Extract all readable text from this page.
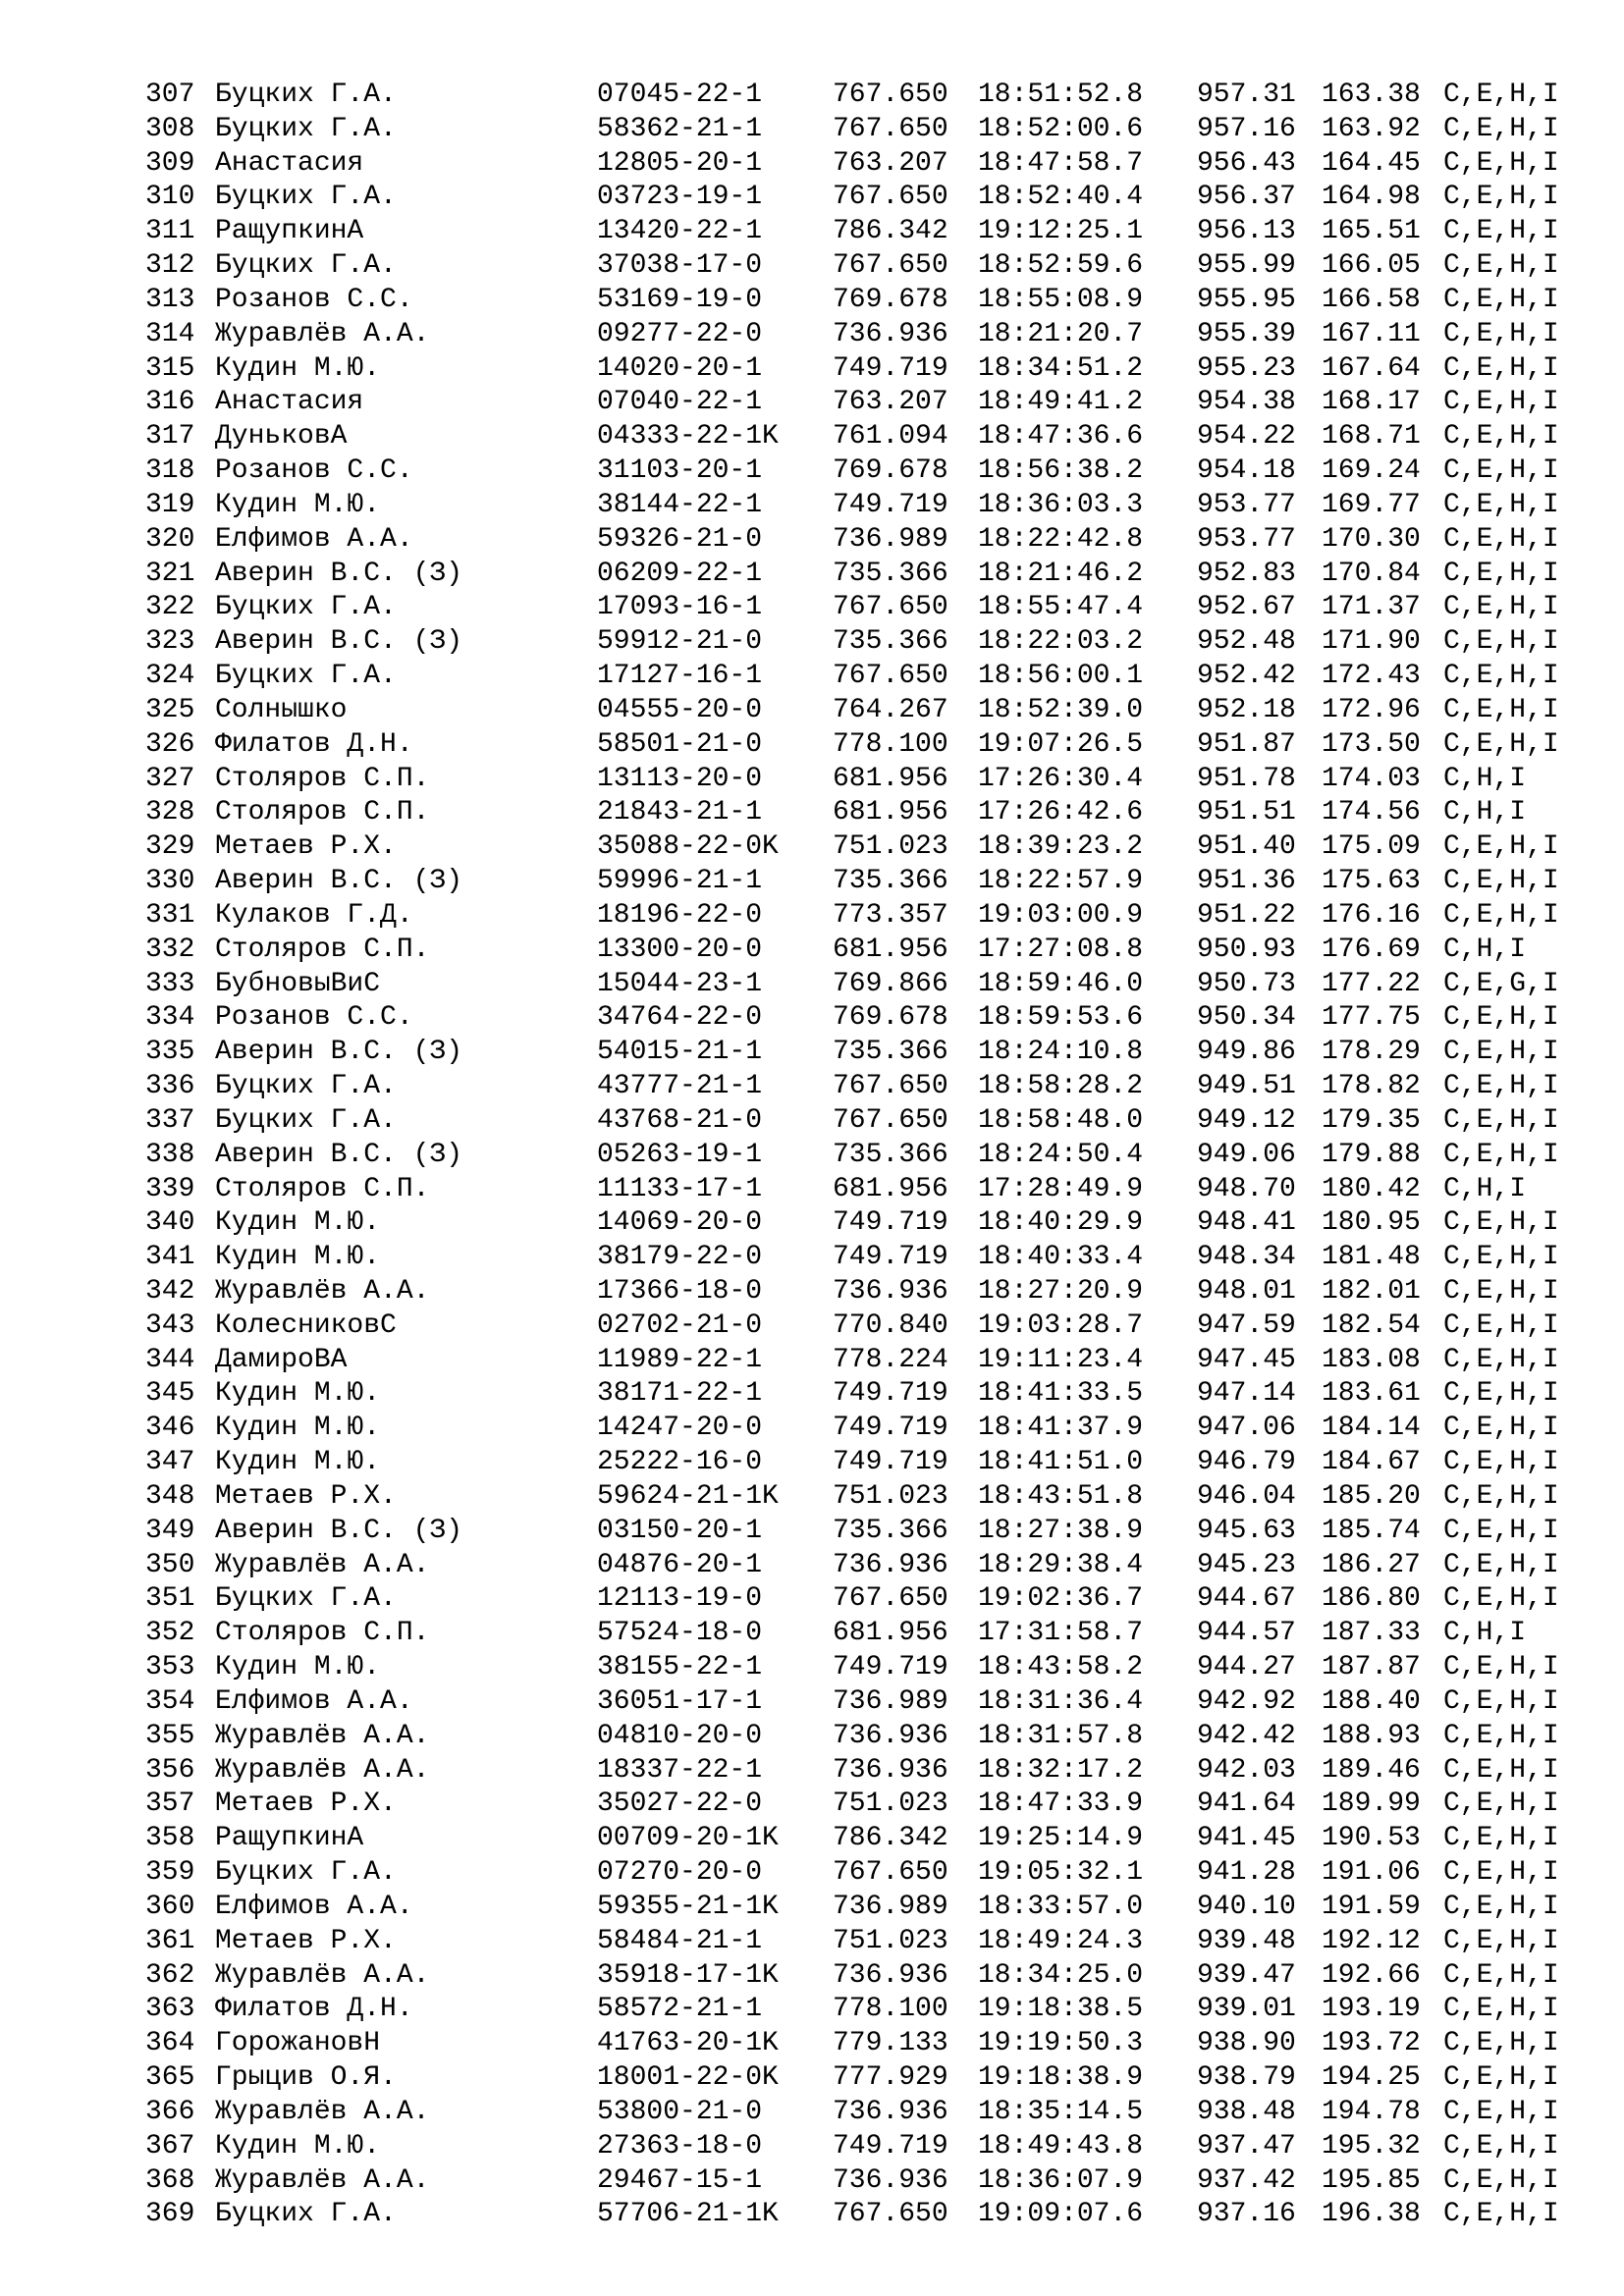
307 Буцких Г.А.	07045-22-1	767.650 18:51:52.8 957.31 163.38 C,E,H,I
308 Буцких Г.А.	58362-21-1	767.650 18:52:00.6 957.16 163.92 C,E,H,I
309 Анастасия	12805-20-1	763.207 18:47:58.7 956.43 164.45 C,E,H,I
310 Буцких Г.А.	03723-19-1	767.650 18:52:40.4 956.37 164.98 C,E,H,I
311 РащупкинА	13420-22-1	786.342 19:12:25.1 956.13 165.51 C,E,H,I
312 Буцких Г.А.	37038-17-0	767.650 18:52:59.6 955.99 166.05 C,E,H,I
313 Розанов С.С.	53169-19-0	769.678 18:55:08.9 955.95 166.58 C,E,H,I
314 Журавлёв А.А.	09277-22-0	736.936 18:21:20.7 955.39 167.11 C,E,H,I
315 Кудин М.Ю.	14020-20-1	749.719 18:34:51.2 955.23 167.64 C,E,H,I
316 Анастасия	07040-22-1	763.207 18:49:41.2 954.38 168.17 C,E,H,I
317 ДуньковА	04333-22-1K 761.094 18:47:36.6 954.22 168.71 C,E,H,I
318 Розанов С.С.	31103-20-1	769.678 18:56:38.2 954.18 169.24 C,E,H,I
319 Кудин М.Ю.	38144-22-1	749.719 18:36:03.3 953.77 169.77 C,E,H,I
320 Елфимов А.А.	59326-21-0	736.989 18:22:42.8 953.77 170.30 C,E,H,I
321 Аверин В.С. (З)	06209-22-1	735.366 18:21:46.2 952.83 170.84 C,E,H,I
322 Буцких Г.А.	17093-16-1	767.650 18:55:47.4 952.67 171.37 C,E,H,I
323 Аверин В.С. (З)	59912-21-0	735.366 18:22:03.2 952.48 171.90 C,E,H,I
324 Буцких Г.А.	17127-16-1	767.650 18:56:00.1 952.42 172.43 C,E,H,I
325 Солнышко	04555-20-0	764.267 18:52:39.0 952.18 172.96 C,E,H,I
326 Филатов Д.Н.	58501-21-0	778.100 19:07:26.5 951.87 173.50 C,E,H,I
327 Столяров С.П.	13113-20-0	681.956 17:26:30.4 951.78 174.03 C,H,I
328 Столяров С.П.	21843-21-1	681.956 17:26:42.6 951.51 174.56 C,H,I
329 Метаев Р.Х.	35088-22-0K 751.023 18:39:23.2 951.40 175.09 C,E,H,I
330 Аверин В.С. (З)	59996-21-1	735.366 18:22:57.9 951.36 175.63 C,E,H,I
331 Кулаков Г.Д.	18196-22-0	773.357 19:03:00.9 951.22 176.16 C,E,H,I
332 Столяров С.П.	13300-20-0	681.956 17:27:08.8 950.93 176.69 C,H,I
333 БубновыВиС	15044-23-1	769.866 18:59:46.0 950.73 177.22 C,E,G,I
334 Розанов С.С.	34764-22-0	769.678 18:59:53.6 950.34 177.75 C,E,H,I
335 Аверин В.С. (З)	54015-21-1	735.366 18:24:10.8 949.86 178.29 C,E,H,I
336 Буцких Г.А.	43777-21-1	767.650 18:58:28.2 949.51 178.82 C,E,H,I
337 Буцких Г.А.	43768-21-0	767.650 18:58:48.0 949.12 179.35 C,E,H,I
338 Аверин В.С. (З)	05263-19-1	735.366 18:24:50.4 949.06 179.88 C,E,H,I
339 Столяров С.П.	11133-17-1	681.956 17:28:49.9 948.70 180.42 C,H,I
340 Кудин М.Ю.	14069-20-0	749.719 18:40:29.9 948.41 180.95 C,E,H,I
341 Кудин М.Ю.	38179-22-0	749.719 18:40:33.4 948.34 181.48 C,E,H,I
342 Журавлёв А.А.	17366-18-0	736.936 18:27:20.9 948.01 182.01 C,E,H,I
343 КолесниковС	02702-21-0	770.840 19:03:28.7 947.59 182.54 C,E,H,I
344 ДамироВА	11989-22-1	778.224 19:11:23.4 947.45 183.08 C,E,H,I
345 Кудин М.Ю.	38171-22-1	749.719 18:41:33.5 947.14 183.61 C,E,H,I
346 Кудин М.Ю.	14247-20-0	749.719 18:41:37.9 947.06 184.14 C,E,H,I
347 Кудин М.Ю.	25222-16-0	749.719 18:41:51.0 946.79 184.67 C,E,H,I
348 Метаев Р.Х.	59624-21-1K 751.023 18:43:51.8 946.04 185.20 C,E,H,I
349 Аверин В.С. (З)	03150-20-1	735.366 18:27:38.9 945.63 185.74 C,E,H,I
350 Журавлёв А.А.	04876-20-1	736.936 18:29:38.4 945.23 186.27 C,E,H,I
351 Буцких Г.А.	12113-19-0	767.650 19:02:36.7 944.67 186.80 C,E,H,I
352 Столяров С.П.	57524-18-0	681.956 17:31:58.7 944.57 187.33 C,H,I
353 Кудин М.Ю.	38155-22-1	749.719 18:43:58.2 944.27 187.87 C,E,H,I
354 Елфимов А.А.	36051-17-1	736.989 18:31:36.4 942.92 188.40 C,E,H,I
355 Журавлёв А.А.	04810-20-0	736.936 18:31:57.8 942.42 188.93 C,E,H,I
356 Журавлёв А.А.	18337-22-1	736.936 18:32:17.2 942.03 189.46 C,E,H,I
357 Метаев Р.Х.	35027-22-0	751.023 18:47:33.9 941.64 189.99 C,E,H,I
358 РащупкинА	00709-20-1K 786.342 19:25:14.9 941.45 190.53 C,E,H,I
359 Буцких Г.А.	07270-20-0	767.650 19:05:32.1 941.28 191.06 C,E,H,I
360 Елфимов А.А.	59355-21-1K 736.989 18:33:57.0 940.10 191.59 C,E,H,I
361 Метаев Р.Х.	58484-21-1	751.023 18:49:24.3 939.48 192.12 C,E,H,I
362 Журавлёв А.А.	35918-17-1K 736.936 18:34:25.0 939.47 192.66 C,E,H,I
363 Филатов Д.Н.	58572-21-1	778.100 19:18:38.5 939.01 193.19 C,E,H,I
364 ГорожановН	41763-20-1K 779.133 19:19:50.3 938.90 193.72 C,E,H,I
365 Грыцив О.Я.	18001-22-0K 777.929 19:18:38.9 938.79 194.25 C,E,H,I
366 Журавлёв А.А.	53800-21-0	736.936 18:35:14.5 938.48 194.78 C,E,H,I
367 Кудин М.Ю.	27363-18-0	749.719 18:49:43.8 937.47 195.32 C,E,H,I
368 Журавлёв А.А.	29467-15-1	736.936 18:36:07.9 937.42 195.85 C,E,H,I
369 Буцких Г.А.	57706-21-1K 767.650 19:09:07.6 937.16 196.38 C,E,H,I
